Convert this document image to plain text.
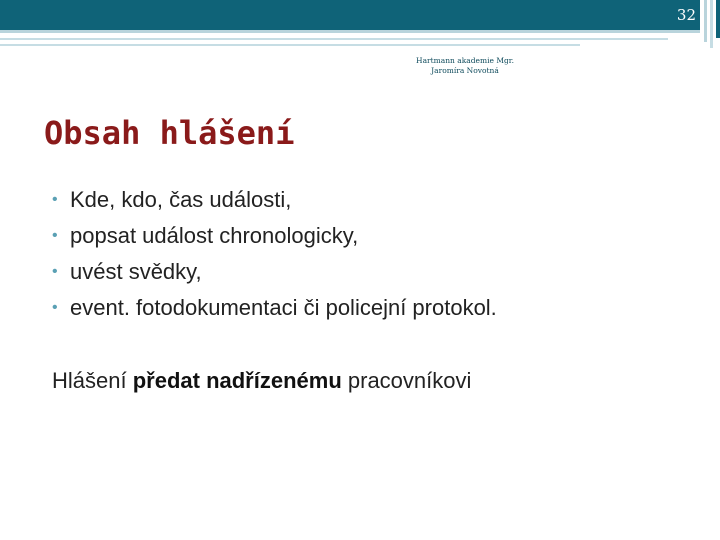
32
Hartmann akademie Mgr.
Jaromíra Novotná
Obsah hlášení
• Kde, kdo, čas události,
• popsat událost chronologicky,
• uvést svědky,
• event. fotodokumentaci či policejní protokol.

Hlášení předat nadřízenému pracovníkovi
